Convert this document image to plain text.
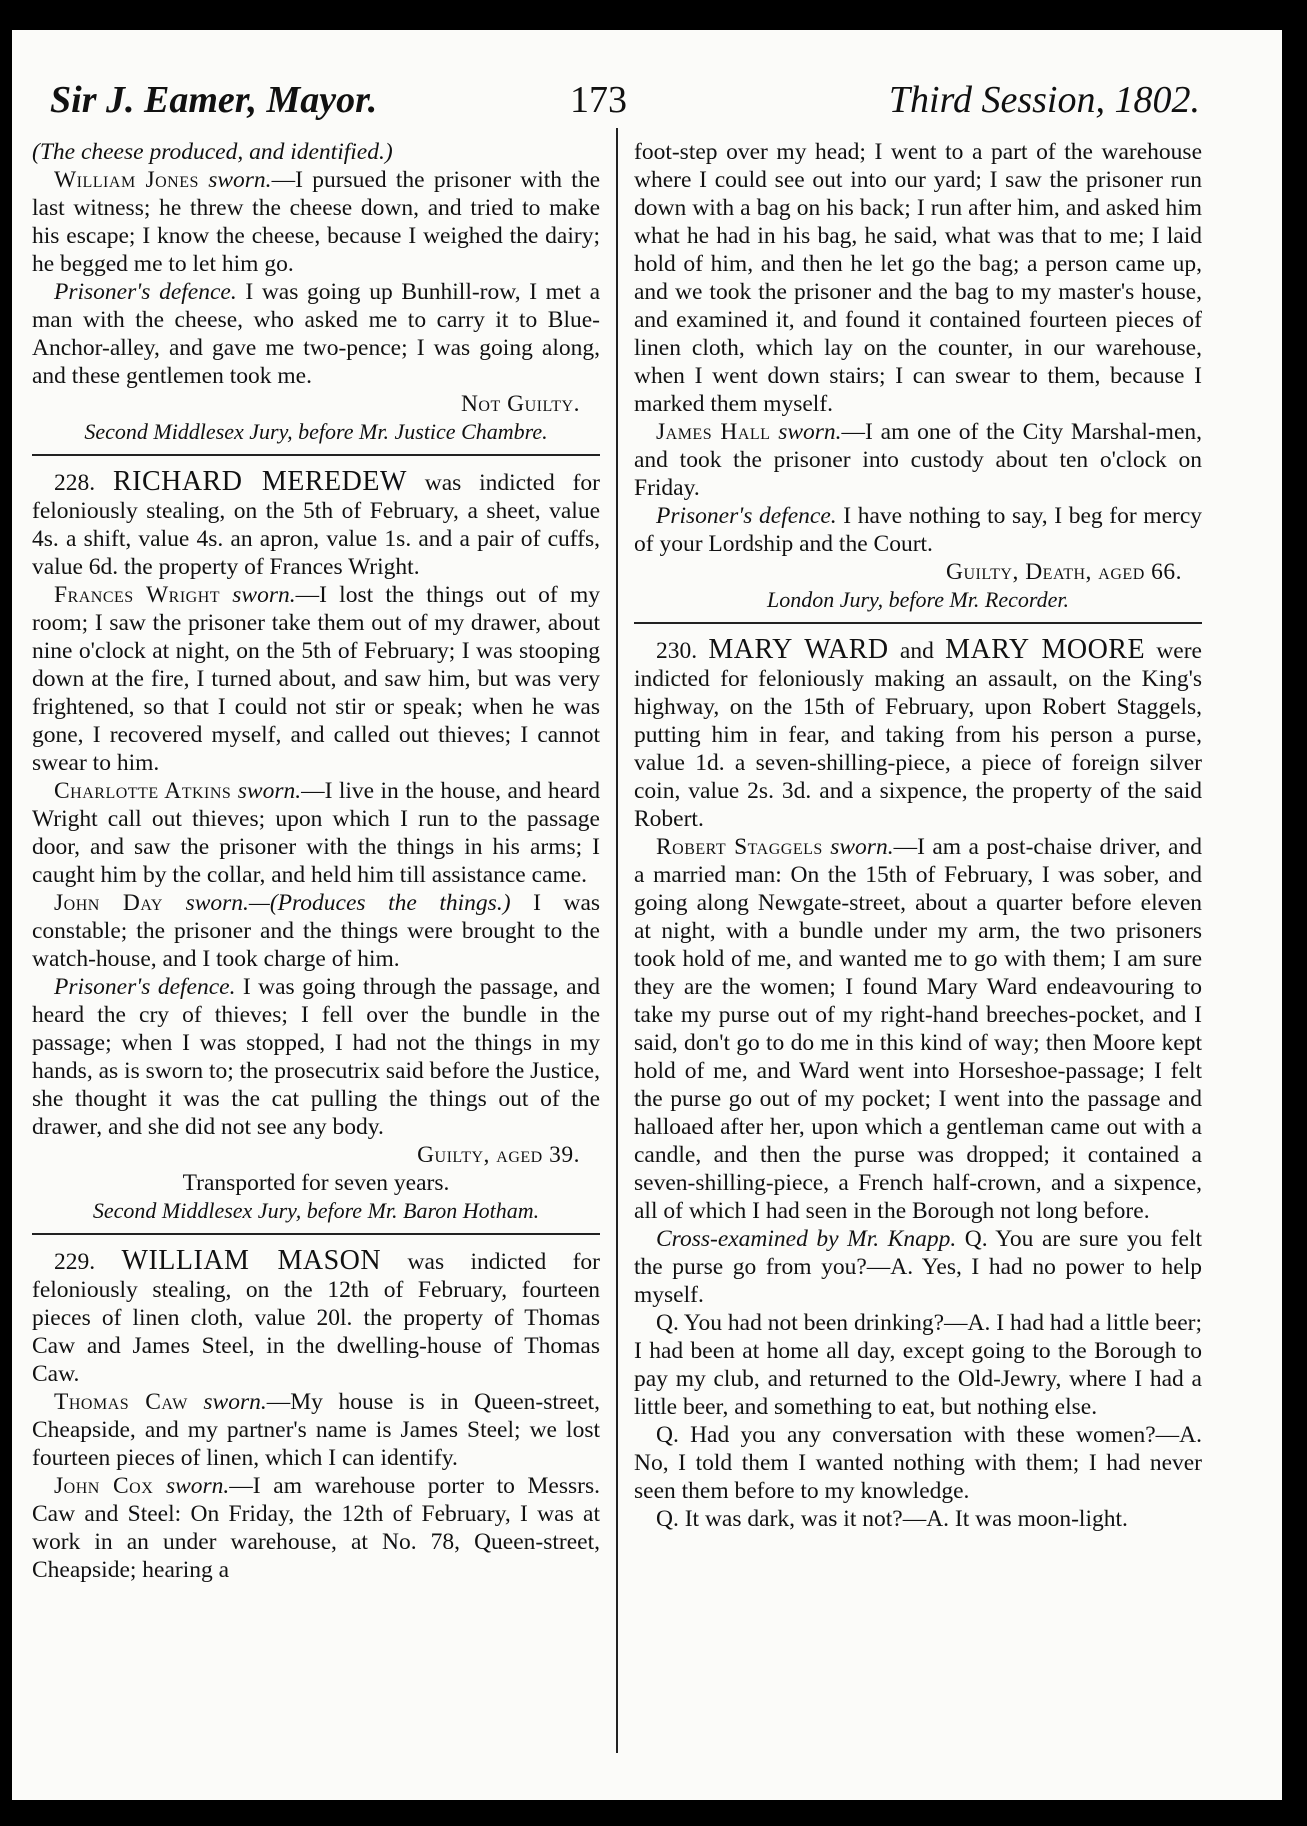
Sir J. Eamer, Mayor.	173	Third Session, 1802.

(The cheese produced, and identified.)

William Jones sworn.—I pursued the prisoner with the last witness; he threw the cheese down, and tried to make his escape; I know the cheese, because I weighed the dairy; he begged me to let him go.

Prisoner's defence. I was going up Bunhill-row, I met a man with the cheese, who asked me to carry it to Blue-Anchor-alley, and gave me two-pence; I was going along, and these gentlemen took me.

Not Guilty.

Second Middlesex Jury, before Mr. Justice Chambre.

228. RICHARD MEREDEW was indicted for feloniously stealing, on the 5th of February, a sheet, value 4s. a shift, value 4s. an apron, value 1s. and a pair of cuffs, value 6d. the property of Frances Wright.

Frances Wright sworn.—I lost the things out of my room; I saw the prisoner take them out of my drawer, about nine o'clock at night, on the 5th of February; I was stooping down at the fire, I turned about, and saw him, but was very frightened, so that I could not stir or speak; when he was gone, I recovered myself, and called out thieves; I cannot swear to him.

Charlotte Atkins sworn.—I live in the house, and heard Wright call out thieves; upon which I run to the passage door, and saw the prisoner with the things in his arms; I caught him by the collar, and held him till assistance came.

John Day sworn.—(Produces the things.) I was constable; the prisoner and the things were brought to the watch-house, and I took charge of him.

Prisoner's defence. I was going through the passage, and heard the cry of thieves; I fell over the bundle in the passage; when I was stopped, I had not the things in my hands, as is sworn to; the prosecutrix said before the Justice, she thought it was the cat pulling the things out of the drawer, and she did not see any body.

Guilty, aged 39.

Transported for seven years.

Second Middlesex Jury, before Mr. Baron Hotham.

229. WILLIAM MASON was indicted for feloniously stealing, on the 12th of February, fourteen pieces of linen cloth, value 20l. the property of Thomas Caw and James Steel, in the dwelling-house of Thomas Caw.

Thomas Caw sworn.—My house is in Queen-street, Cheapside, and my partner's name is James Steel; we lost fourteen pieces of linen, which I can identify.

John Cox sworn.—I am warehouse porter to Messrs. Caw and Steel: On Friday, the 12th of February, I was at work in an under warehouse, at No. 78, Queen-street, Cheapside; hearing a

foot-step over my head; I went to a part of the warehouse where I could see out into our yard; I saw the prisoner run down with a bag on his back; I run after him, and asked him what he had in his bag, he said, what was that to me; I laid hold of him, and then he let go the bag; a person came up, and we took the prisoner and the bag to my master's house, and examined it, and found it contained fourteen pieces of linen cloth, which lay on the counter, in our warehouse, when I went down stairs; I can swear to them, because I marked them myself.

James Hall sworn.—I am one of the City Marshal-men, and took the prisoner into custody about ten o'clock on Friday.

Prisoner's defence. I have nothing to say, I beg for mercy of your Lordship and the Court.

Guilty, Death, aged 66.

London Jury, before Mr. Recorder.

230. MARY WARD and MARY MOORE were indicted for feloniously making an assault, on the King's highway, on the 15th of February, upon Robert Staggels, putting him in fear, and taking from his person a purse, value 1d. a seven-shilling-piece, a piece of foreign silver coin, value 2s. 3d. and a sixpence, the property of the said Robert.

Robert Staggels sworn.—I am a post-chaise driver, and a married man: On the 15th of February, I was sober, and going along Newgate-street, about a quarter before eleven at night, with a bundle under my arm, the two prisoners took hold of me, and wanted me to go with them; I am sure they are the women; I found Mary Ward endeavouring to take my purse out of my right-hand breeches-pocket, and I said, don't go to do me in this kind of way; then Moore kept hold of me, and Ward went into Horseshoe-passage; I felt the purse go out of my pocket; I went into the passage and halloaed after her, upon which a gentleman came out with a candle, and then the purse was dropped; it contained a seven-shilling-piece, a French half-crown, and a sixpence, all of which I had seen in the Borough not long before.

Cross-examined by Mr. Knapp. Q. You are sure you felt the purse go from you?—A. Yes, I had no power to help myself.

Q. You had not been drinking?—A. I had had a little beer; I had been at home all day, except going to the Borough to pay my club, and returned to the Old-Jewry, where I had a little beer, and something to eat, but nothing else.

Q. Had you any conversation with these women?—A. No, I told them I wanted nothing with them; I had never seen them before to my knowledge.

Q. It was dark, was it not?—A. It was moon-light.
